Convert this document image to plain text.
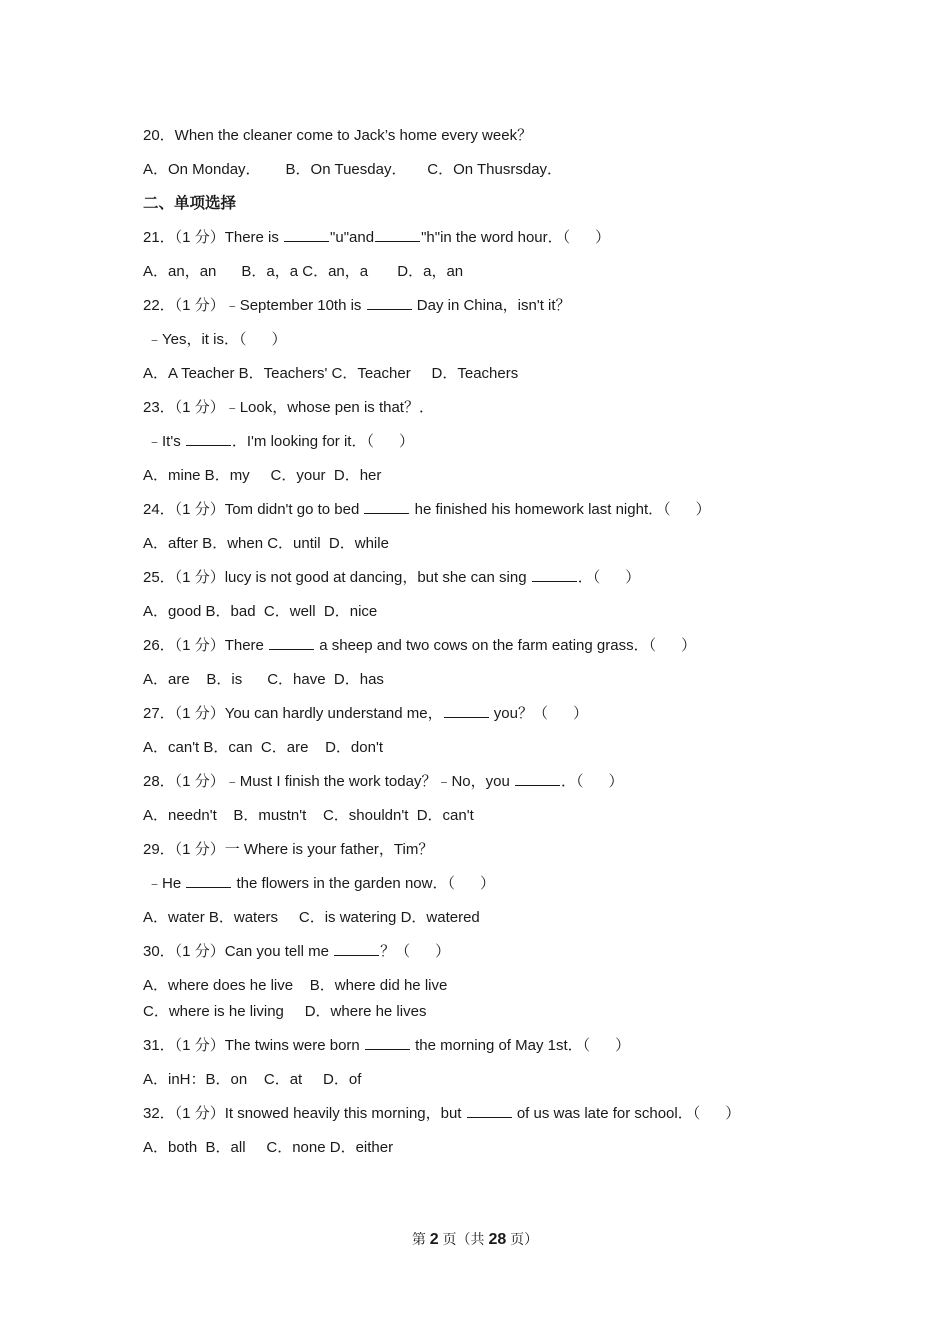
20．When the cleaner come to Jack’s home every week？
A．On Monday．      B．On Tuesday．     C．On Thusrsday．
二、单项选择
21．（1 分）There is	"u"and	"h"in the word hour．（      ）
A．an，an      B．a，a C．an，a       D．a，an
22．（1 分）﹣September 10th is	Day in China，isn't it？
﹣Yes，it is．（      ）
A．A Teacher B．Teachers' C．Teacher     D．Teachers
23．（1 分）﹣Look，whose pen is that？．
﹣It's	．I'm looking for it．（      ）
A．mine B．my     C．your  D．her
24．（1 分）Tom didn't go to bed	he finished his homework last night．（      ）
A．after B．when C．until  D．while
25．（1 分）lucy is not good at dancing，but she can sing	．（      ）
A．good B．bad  C．well  D．nice
26．（1 分）There	a sheep and two cows on the farm eating grass．（      ）
A．are    B．is      C．have  D．has
27．（1 分）You can hardly understand me，	you？（      ）
A．can't B．can  C．are    D．don't
28．（1 分）﹣Must I finish the work today？﹣No，you	．（      ）
A．needn't    B．mustn't    C．shouldn't  D．can't
29．（1 分）一 Where is your father，Tim？
﹣He	the flowers in the garden now．（      ）
A．water B．waters     C．is watering D．watered
30．（1 分）Can you tell me	？（      ）
A．where does he live    B．where did he live
C．where is he living     D．where he lives
31．（1 分）The twins were born	the morning of May 1st．（      ）
A．inH：B．on    C．at     D．of
32．（1 分）It snowed heavily this morning，but	of us was late for school．（      ）
A．both  B．all     C．none D．either
第 2 页（共 28 页）
